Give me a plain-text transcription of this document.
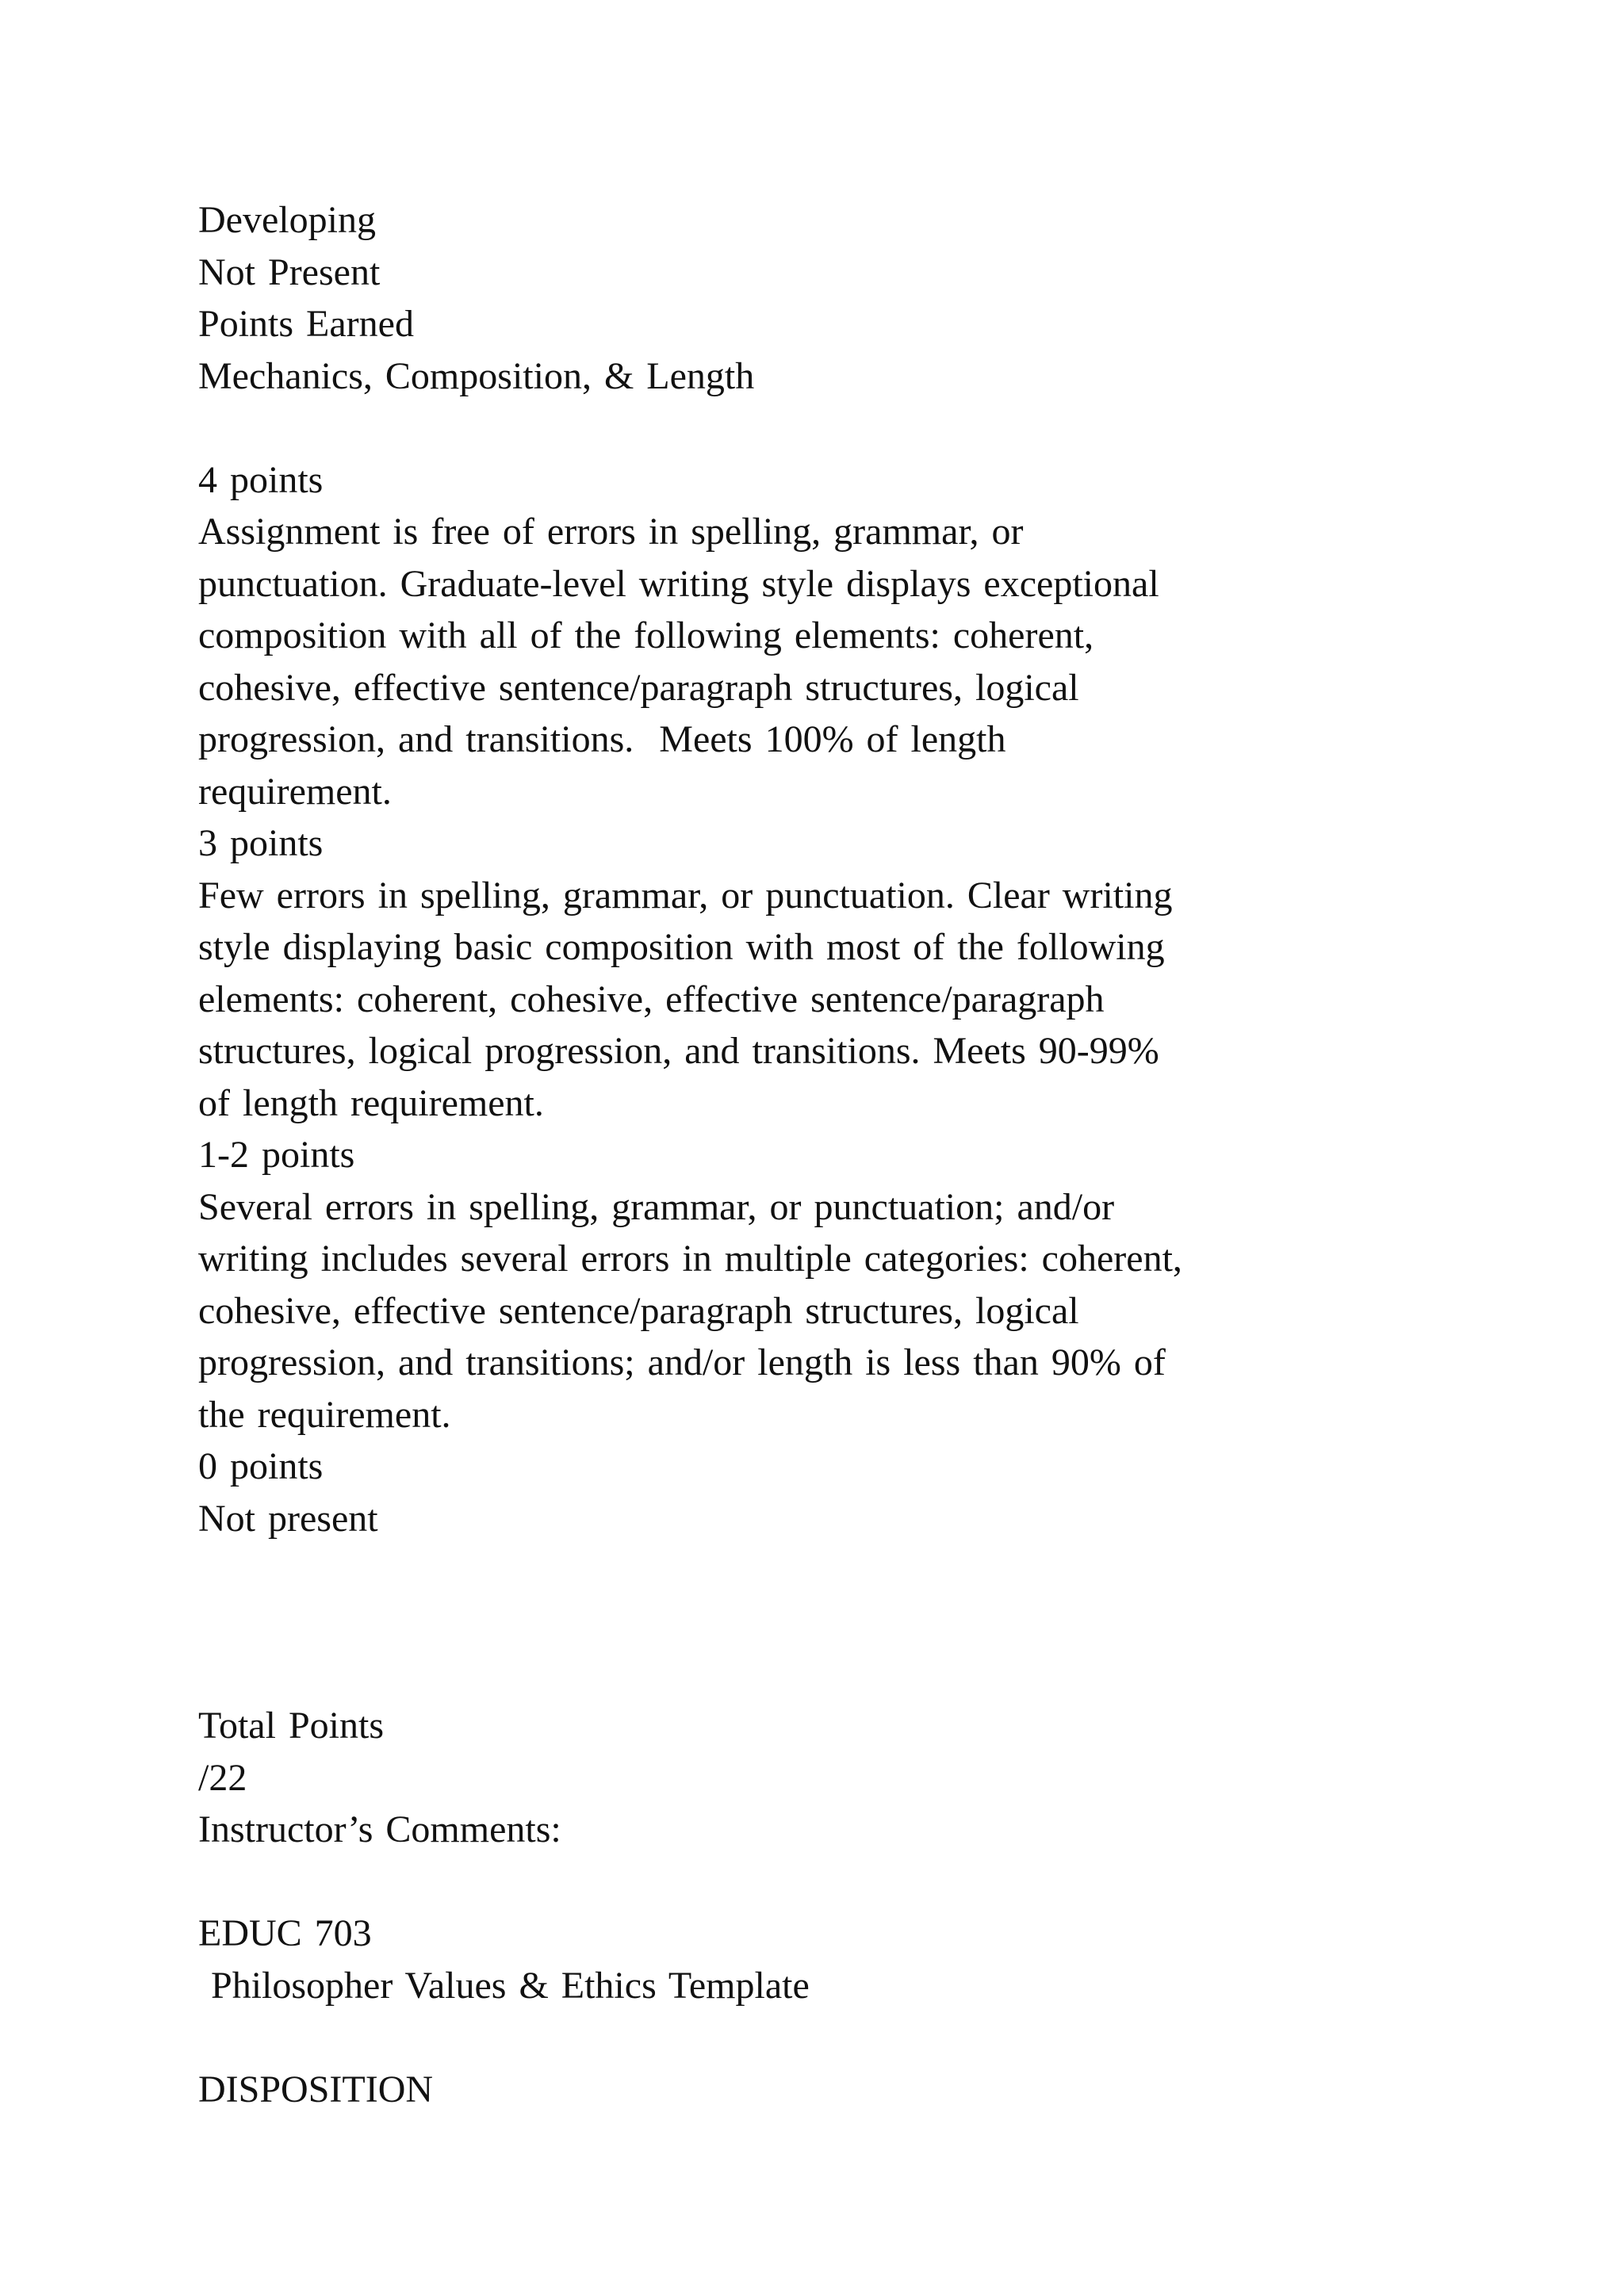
Developing
Not Present
Points Earned
Mechanics, Composition, & Length
4 points
Assignment is free of errors in spelling, grammar, or
punctuation. Graduate-level writing style displays exceptional
composition with all of the following elements: coherent,
cohesive, effective sentence/paragraph structures, logical
progression, and transitions.  Meets 100% of length
requirement.
3 points
Few errors in spelling, grammar, or punctuation. Clear writing
style displaying basic composition with most of the following
elements: coherent, cohesive, effective sentence/paragraph
structures, logical progression, and transitions. Meets 90-99%
of length requirement.
1-2 points
Several errors in spelling, grammar, or punctuation; and/or
writing includes several errors in multiple categories: coherent,
cohesive, effective sentence/paragraph structures, logical
progression, and transitions; and/or length is less than 90% of
the requirement.
0 points
Not present
Total Points
/22
Instructor’s Comments:
EDUC 703
Philosopher Values & Ethics Template
DISPOSITION
